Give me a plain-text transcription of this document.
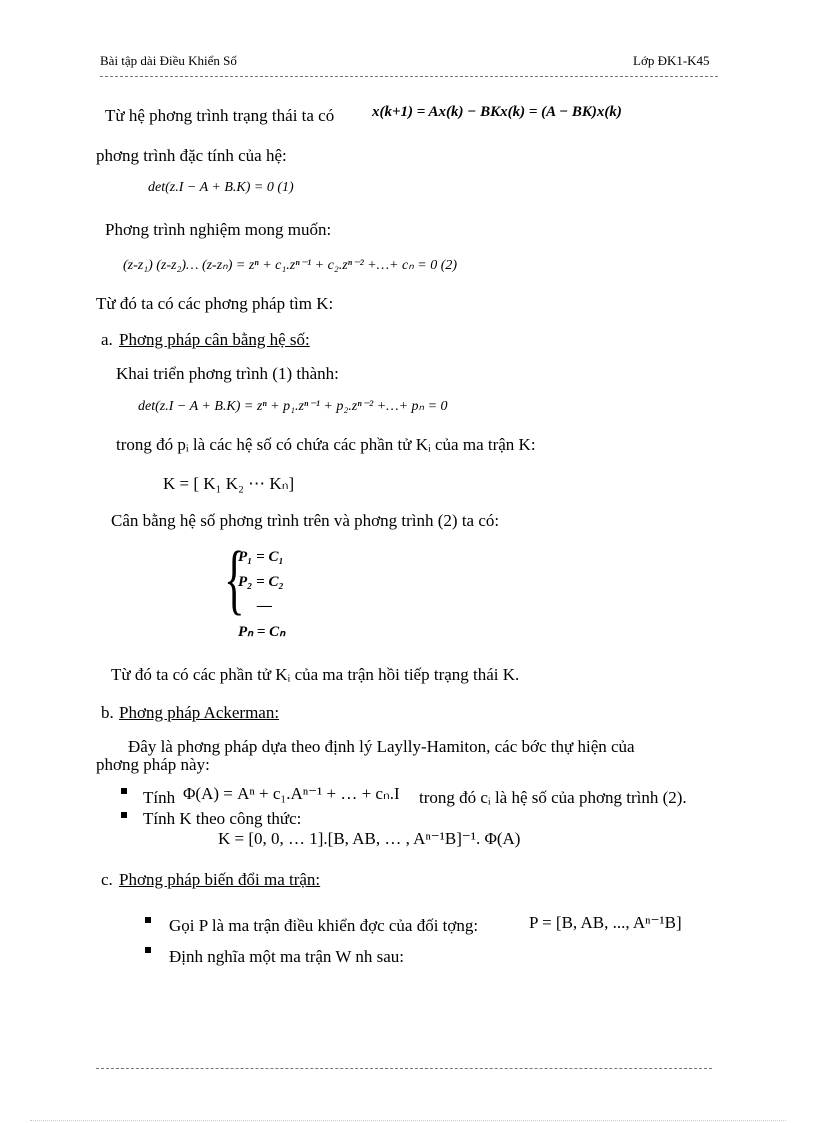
Bài tập dài Điều Khiển Số	Lớp ĐK1-K45
Từ hệ phơng trình trạng thái ta có	x(k+1) = Ax(k) − BKx(k) = (A − BK)x(k)
phơng trình đặc tính của hệ:
det(z.I − A + B.K) = 0 (1)
Phơng trình nghiệm mong muốn:
(z-z₁) (z-z₂)… (z-zₙ) = zⁿ + c₁.zⁿ⁻¹ + c₂.zⁿ⁻² +…+ cₙ = 0 (2)
Từ đó ta có các phơng pháp tìm K:
a. Phơng pháp cân bằng hệ số:
Khai triển phơng trình (1) thành:
det(z.I − A + B.K) = zⁿ + p₁.zⁿ⁻¹ + p₂.zⁿ⁻² +…+ pₙ = 0
trong đó pᵢ là các hệ số có chứa các phần tử Kᵢ của ma trận K:
K = [ K₁ K₂ ⋯ Kₙ]
Cân bằng hệ số phơng trình trên và phơng trình (2) ta có:
{
P₁ = C₁
P₂ = C₂
—
Pₙ = Cₙ
Từ đó ta có các phần tử Kᵢ của ma trận hồi tiếp trạng thái K.
b. Phơng pháp Ackerman:
Đây là phơng pháp dựa theo định lý Laylly-Hamiton, các bớc thự hiện của
phơng pháp này:
Tính Φ(A) = Aⁿ + c₁.Aⁿ⁻¹ + … + cₙ.I trong đó cᵢ là hệ số của phơng trình (2).
Tính K theo công thức:
K = [0, 0, … 1].[B, AB, … , Aⁿ⁻¹B]⁻¹. Φ(A)
c. Phơng pháp biến đổi ma trận:
Gọi P là ma trận điều khiển đợc của đối tợng:	P = [B, AB, ..., Aⁿ⁻¹B]
Định nghĩa một ma trận W nh sau:
